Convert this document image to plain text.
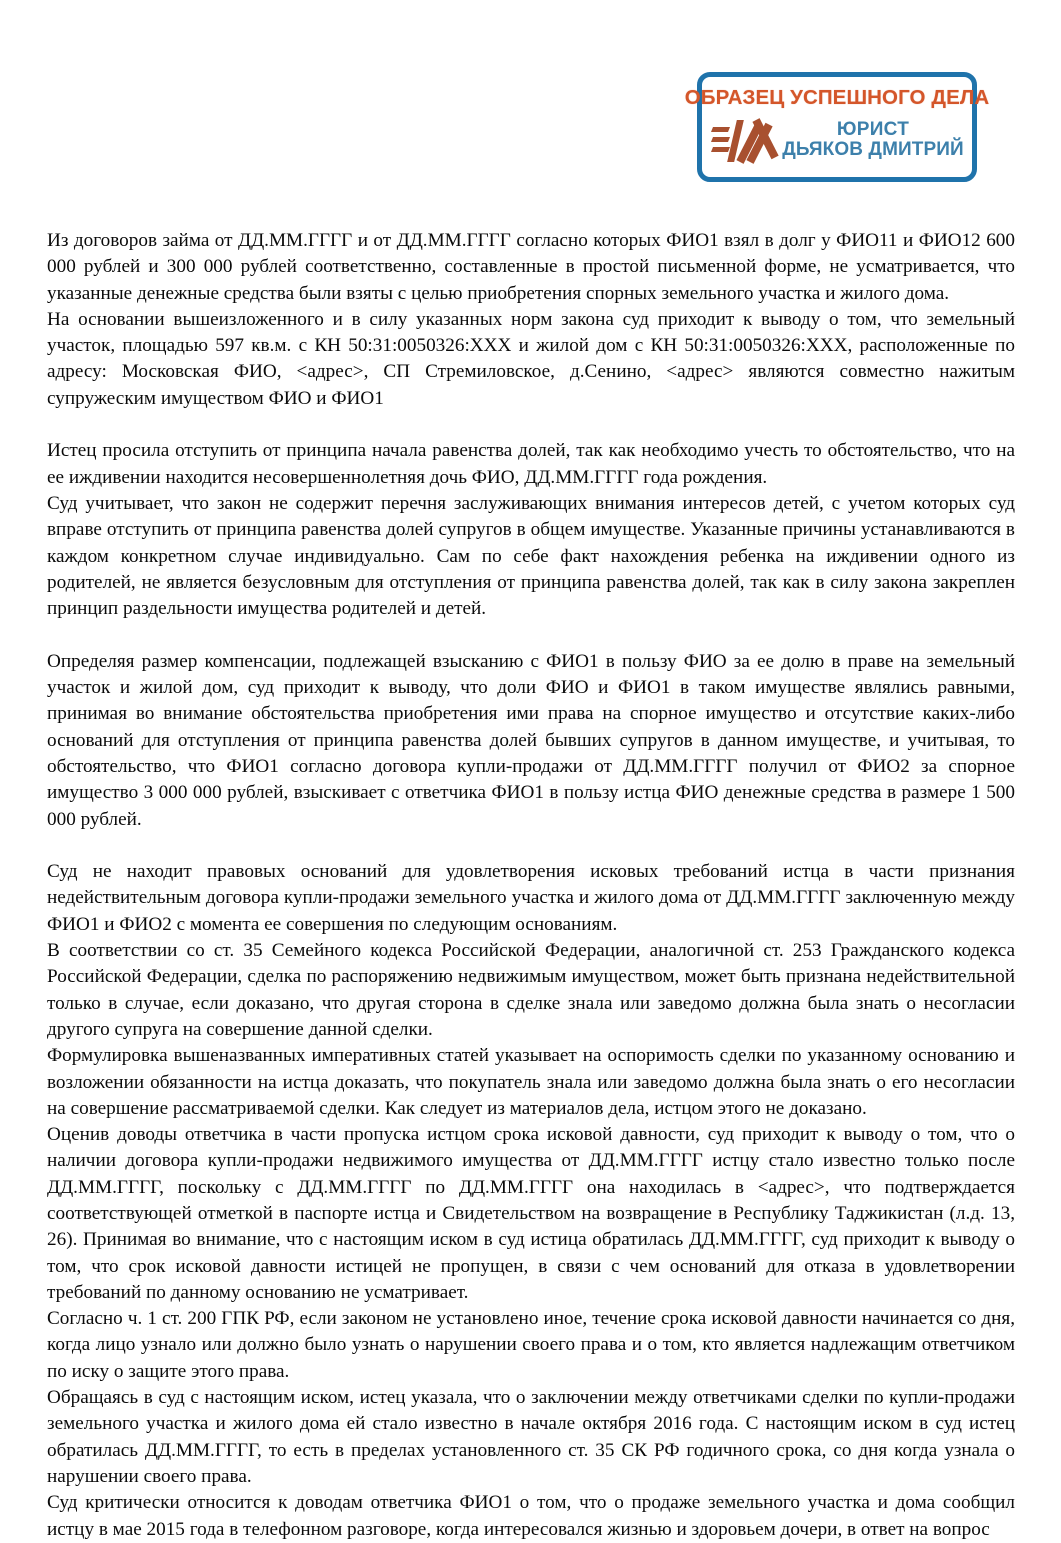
ОБРАЗЕЦ УСПЕШНОГО ДЕЛА
ЮРИСТ
ДЬЯКОВ ДМИТРИЙ

Из договоров займа от ДД.ММ.ГГГГ и от ДД.ММ.ГГГГ согласно которых ФИО1 взял в долг у ФИО11 и ФИО12 600 000 рублей и 300 000 рублей соответственно, составленные в простой письменной форме, не усматривается, что указанные денежные средства были взяты с целью приобретения спорных земельного участка и жилого дома.

На основании вышеизложенного и в силу указанных норм закона суд приходит к выводу о том, что земельный участок, площадью 597 кв.м. с КН 50:31:0050326:ХХХ и жилой дом с КН 50:31:0050326:ХХХ, расположенные по адресу: Московская ФИО, <адрес>, СП Стремиловское, д.Сенино, <адрес> являются совместно нажитым супружеским имуществом ФИО и ФИО1

Истец просила отступить от принципа начала равенства долей, так как необходимо учесть то обстоятельство, что на ее иждивении находится несовершеннолетняя дочь ФИО, ДД.ММ.ГГГГ года рождения.

Суд учитывает, что закон не содержит перечня заслуживающих внимания интересов детей, с учетом которых суд вправе отступить от принципа равенства долей супругов в общем имуществе. Указанные причины устанавливаются в каждом конкретном случае индивидуально. Сам по себе факт нахождения ребенка на иждивении одного из родителей, не является безусловным для отступления от принципа равенства долей, так как в силу закона закреплен принцип раздельности имущества родителей и детей.

Определяя размер компенсации, подлежащей взысканию с ФИО1 в пользу ФИО за ее долю в праве на земельный участок и жилой дом, суд приходит к выводу, что доли ФИО и ФИО1 в таком имуществе являлись равными, принимая во внимание обстоятельства приобретения ими права на спорное имущество и отсутствие каких-либо оснований для отступления от принципа равенства долей бывших супругов в данном имуществе, и учитывая, то обстоятельство, что ФИО1 согласно договора купли-продажи от ДД.ММ.ГГГГ получил от ФИО2 за спорное имущество 3 000 000 рублей, взыскивает с ответчика ФИО1 в пользу истца ФИО денежные средства в размере 1 500 000 рублей.

Суд не находит правовых оснований для удовлетворения исковых требований истца в части признания недействительным договора купли-продажи земельного участка и жилого дома от ДД.ММ.ГГГГ заключенную между ФИО1 и ФИО2 с момента ее совершения по следующим основаниям.

В соответствии со ст. 35 Семейного кодекса Российской Федерации, аналогичной ст. 253 Гражданского кодекса Российской Федерации, сделка по распоряжению недвижимым имуществом, может быть признана недействительной только в случае, если доказано, что другая сторона в сделке знала или заведомо должна была знать о несогласии другого супруга на совершение данной сделки.

Формулировка вышеназванных императивных статей указывает на оспоримость сделки по указанному основанию и возложении обязанности на истца доказать, что покупатель знала или заведомо должна была знать о его несогласии на совершение рассматриваемой сделки. Как следует из материалов дела, истцом этого не доказано.

Оценив доводы ответчика в части пропуска истцом срока исковой давности, суд приходит к выводу о том, что о наличии договора купли-продажи недвижимого имущества от ДД.ММ.ГГГГ истцу стало известно только после ДД.ММ.ГГГГ, поскольку с ДД.ММ.ГГГГ по ДД.ММ.ГГГГ она находилась в <адрес>, что подтверждается соответствующей отметкой в паспорте истца и Свидетельством на возвращение в Республику Таджикистан (л.д. 13, 26). Принимая во внимание, что с настоящим иском в суд истица обратилась ДД.ММ.ГГГГ, суд приходит к выводу о том, что срок исковой давности истицей не пропущен, в связи с чем оснований для отказа в удовлетворении требований по данному основанию не усматривает.

Согласно ч. 1 ст. 200 ГПК РФ, если законом не установлено иное, течение срока исковой давности начинается со дня, когда лицо узнало или должно было узнать о нарушении своего права и о том, кто является надлежащим ответчиком по иску о защите этого права.

Обращаясь в суд с настоящим иском, истец указала, что о заключении между ответчиками сделки по купли-продажи земельного участка и жилого дома ей стало известно в начале октября 2016 года. С настоящим иском в суд истец обратилась ДД.ММ.ГГГГ, то есть в пределах установленного ст. 35 СК РФ годичного срока, со дня когда узнала о нарушении своего права.

Суд критически относится к доводам ответчика ФИО1 о том, что о продаже земельного участка и дома сообщил истцу в мае 2015 года в телефонном разговоре, когда интересовался жизнью и здоровьем дочери, в ответ на вопрос
